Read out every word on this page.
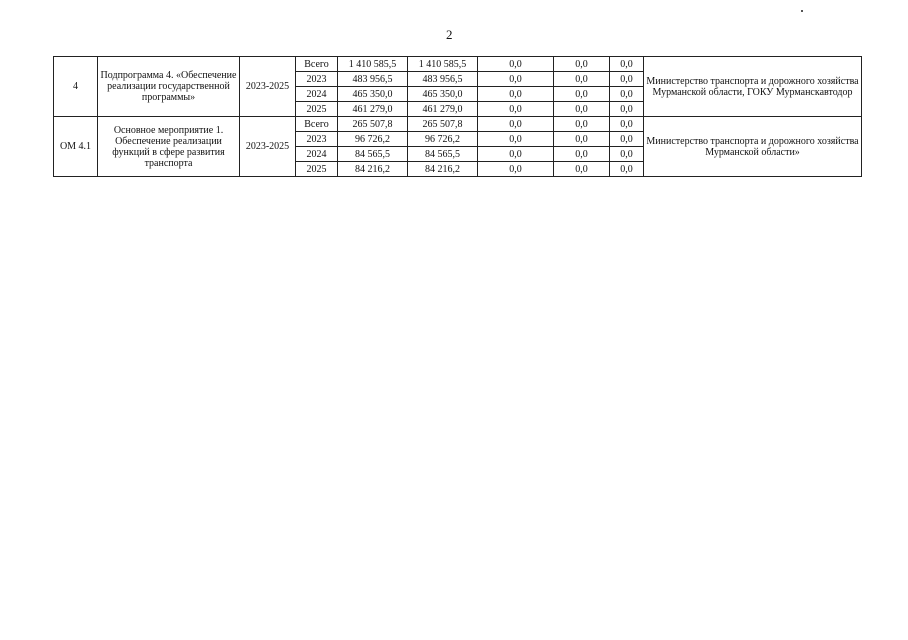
2
4	Подпрограмма 4. «Обеспечение реализации государственной программы»	2023-2025	Всего	1 410 585,5	1 410 585,5	0,0	0,0	0,0	Министерство транспорта и дорожного хозяйства Мурманской области, ГОКУ Мурманскавтодор
			2023	483 956,5	483 956,5	0,0	0,0	0,0	
			2024	465 350,0	465 350,0	0,0	0,0	0,0	
			2025	461 279,0	461 279,0	0,0	0,0	0,0	
ОМ 4.1	Основное мероприятие 1. Обеспечение реализации функций в сфере развития транспорта	2023-2025	Всего	265 507,8	265 507,8	0,0	0,0	0,0	Министерство транспорта и дорожного хозяйства Мурманской области»
			2023	96 726,2	96 726,2	0,0	0,0	0,0	
			2024	84 565,5	84 565,5	0,0	0,0	0,0	
			2025	84 216,2	84 216,2	0,0	0,0	0,0	
